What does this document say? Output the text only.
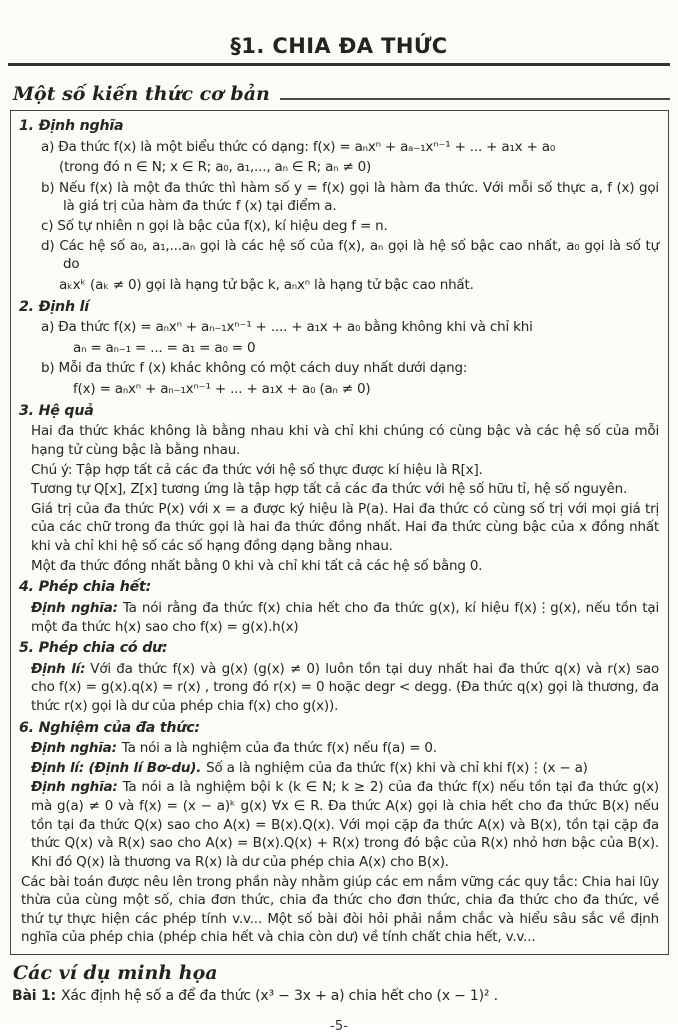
§1. CHIA ĐA THỨC
Một số kiến thức cơ bản

1. Định nghĩa

a) Đa thức f(x) là một biểu thức có dạng: f(x) = aₙxⁿ + aₐ₋₁xⁿ⁻¹ + ... + a₁x + a₀

(trong đó n ∈ N; x ∈ R; a₀, a₁,..., aₙ ∈ R; aₙ ≠ 0)

b) Nếu f(x) là một đa thức thì hàm số y = f(x) gọi là hàm đa thức. Với mỗi số thực a, f (x) gọi là giá trị của hàm đa thức f (x) tại điểm a.

c) Số tự nhiên n gọi là bậc của f(x), kí hiệu deg f = n.

d) Các hệ số a₀, a₁,...aₙ gọi là các hệ số của f(x), aₙ gọi là hệ số bậc cao nhất, a₀ gọi là số tự do

aₖxᵏ (aₖ ≠ 0) gọi là hạng tử bậc k, aₙxⁿ là hạng tử bậc cao nhất.

2. Định lí

a) Đa thức f(x) = aₙxⁿ + aₙ₋₁xⁿ⁻¹ + .... + a₁x + a₀ bằng không khi và chỉ khi

aₙ = aₙ₋₁ = ... = a₁ = a₀ = 0

b) Mỗi đa thức f (x) khác không có một cách duy nhất dưới dạng:

f(x) = aₙxⁿ + aₙ₋₁xⁿ⁻¹ + ... + a₁x + a₀ (aₙ ≠ 0)

3. Hệ quả

Hai đa thức khác không là bằng nhau khi và chỉ khi chúng có cùng bậc và các hệ số của mỗi hạng tử cùng bậc là bằng nhau.

Chú ý: Tập hợp tất cả các đa thức với hệ số thực được kí hiệu là R[x].

Tương tự Q[x], Z[x] tương ứng là tập hợp tất cả các đa thức với hệ số hữu tỉ, hệ số nguyên.

Giá trị của đa thức P(x) với x = a được ký hiệu là P(a). Hai đa thức có cùng số trị với mọi giá trị của các chữ trong đa thức gọi là hai đa thức đồng nhất. Hai đa thức cùng bậc của x đồng nhất khi và chỉ khi hệ số các số hạng đồng dạng bằng nhau.

Một đa thức đồng nhất bằng 0 khi và chỉ khi tất cả các hệ số bằng 0.

4. Phép chia hết:

Định nghĩa: Ta nói rằng đa thức f(x) chia hết cho đa thức g(x), kí hiệu f(x)⋮g(x), nếu tồn tại một đa thức h(x) sao cho f(x) = g(x).h(x)

5. Phép chia có dư:

Định lí: Với đa thức f(x) và g(x) (g(x) ≠ 0) luôn tồn tại duy nhất hai đa thức q(x) và r(x) sao cho f(x) = g(x).q(x) = r(x) , trong đó r(x) = 0 hoặc degr < degg. (Đa thức q(x) gọi là thương, đa thức r(x) gọi là dư của phép chia f(x) cho g(x)).

6. Nghiệm của đa thức:

Định nghĩa: Ta nói a là nghiệm của đa thức f(x) nếu f(a) = 0.

Định lí: (Định lí Bơ-du). Số a là nghiệm của đa thức f(x) khi và chỉ khi f(x)⋮(x − a)

Định nghĩa: Ta nói a là nghiệm bội k (k ∈ N; k ≥ 2) của đa thức f(x) nếu tồn tại đa thức g(x) mà g(a) ≠ 0 và f(x) = (x − a)ᵏ g(x) ∀x ∈ R. Đa thức A(x) gọi là chia hết cho đa thức B(x) nếu tồn tại đa thức Q(x) sao cho A(x) = B(x).Q(x). Với mọi cặp đa thức A(x) và B(x), tồn tại cặp đa thức Q(x) và R(x) sao cho A(x) = B(x).Q(x) + R(x) trong đó bậc của R(x) nhỏ hơn bậc của B(x). Khi đó Q(x) là thương va R(x) là dư của phép chia A(x) cho B(x).

Các bài toán được nêu lên trong phần này nhằm giúp các em nắm vững các quy tắc: Chia hai lũy thừa của cùng một số, chia đơn thức, chia đa thức cho đơn thức, chia đa thức cho đa thức, về thứ tự thực hiện các phép tính v.v... Một số bài đòi hỏi phải nắm chắc và hiểu sâu sắc về định nghĩa của phép chia (phép chia hết và chia còn dư) về tính chất chia hết, v.v...

Các ví dụ minh họa

Bài 1: Xác định hệ số a để đa thức (x³ − 3x + a) chia hết cho (x − 1)² .

-5-
